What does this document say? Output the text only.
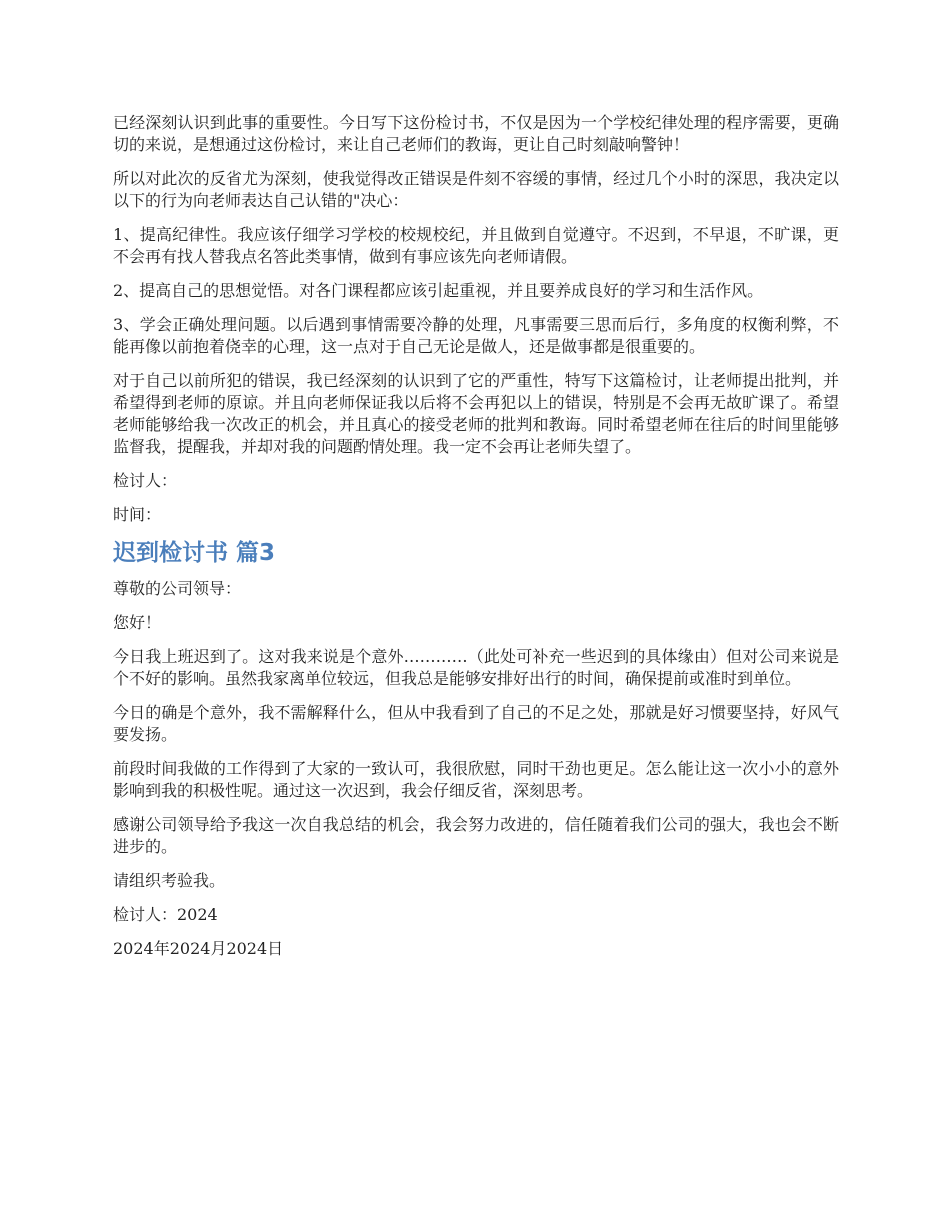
已经深刻认识到此事的重要性。今日写下这份检讨书，不仅是因为一个学校纪律处理的程序需要，更确切的来说，是想通过这份检讨，来让自己老师们的教诲，更让自己时刻敲响警钟！

所以对此次的反省尤为深刻，使我觉得改正错误是件刻不容缓的事情，经过几个小时的深思，我决定以以下的行为向老师表达自己认错的"决心：

1、提高纪律性。我应该仔细学习学校的校规校纪，并且做到自觉遵守。不迟到，不早退，不旷课，更不会再有找人替我点名答此类事情，做到有事应该先向老师请假。

2、提高自己的思想觉悟。对各门课程都应该引起重视，并且要养成良好的学习和生活作风。

3、学会正确处理问题。以后遇到事情需要冷静的处理，凡事需要三思而后行，多角度的权衡利弊，不能再像以前抱着侥幸的心理，这一点对于自己无论是做人，还是做事都是很重要的。

对于自己以前所犯的错误，我已经深刻的认识到了它的严重性，特写下这篇检讨，让老师提出批判，并希望得到老师的原谅。并且向老师保证我以后将不会再犯以上的错误，特别是不会再无故旷课了。希望老师能够给我一次改正的机会，并且真心的接受老师的批判和教诲。同时希望老师在往后的时间里能够监督我，提醒我，并却对我的问题酌情处理。我一定不会再让老师失望了。

检讨人：

时间：

迟到检讨书 篇3

尊敬的公司领导：

您好！

今日我上班迟到了。这对我来说是个意外…………（此处可补充一些迟到的具体缘由）但对公司来说是个不好的影响。虽然我家离单位较远，但我总是能够安排好出行的时间，确保提前或准时到单位。

今日的确是个意外，我不需解释什么，但从中我看到了自己的不足之处，那就是好习惯要坚持，好风气要发扬。

前段时间我做的工作得到了大家的一致认可，我很欣慰，同时干劲也更足。怎么能让这一次小小的意外影响到我的积极性呢。通过这一次迟到，我会仔细反省，深刻思考。

感谢公司领导给予我这一次自我总结的机会，我会努力改进的，信任随着我们公司的强大，我也会不断进步的。

请组织考验我。

检讨人：2024

2024年2024月2024日
